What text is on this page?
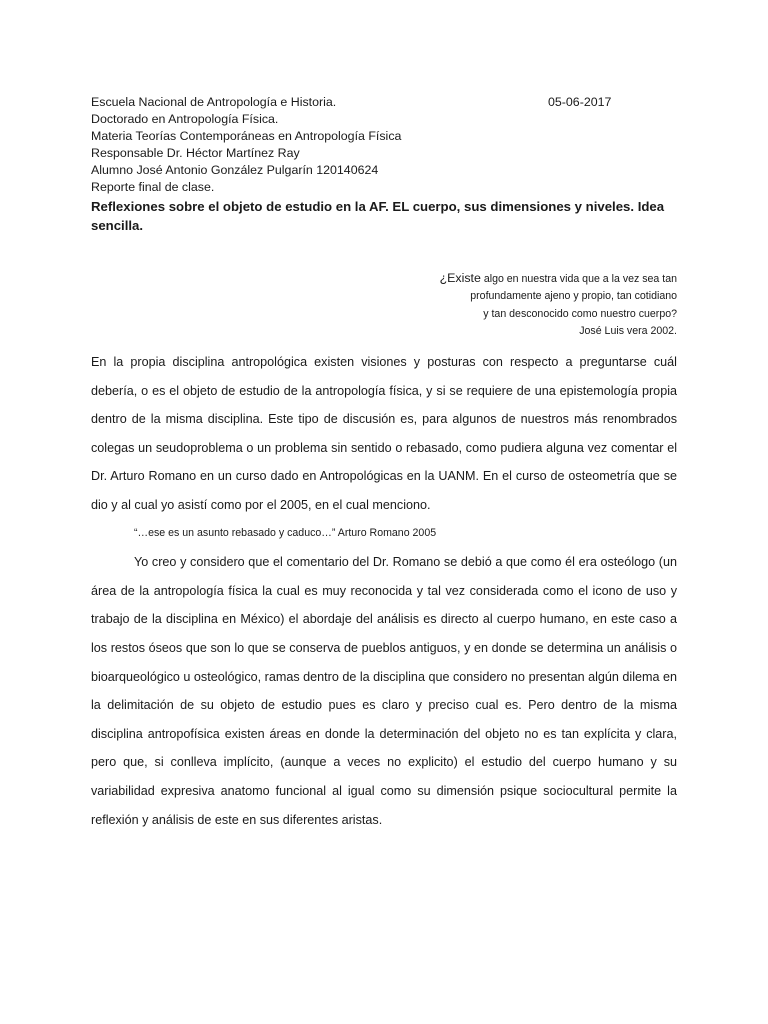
Escuela Nacional de Antropología e Historia.
Doctorado en Antropología Física.
Materia Teorías Contemporáneas en Antropología Física
Responsable Dr. Héctor Martínez Ray
Alumno José Antonio González Pulgarín 120140624
Reporte final de clase.
05-06-2017
Reflexiones sobre el objeto de estudio en la AF. EL cuerpo, sus dimensiones y niveles. Idea sencilla.
¿Existe algo en nuestra vida que a la vez sea tan
profundamente ajeno y propio, tan cotidiano
y tan desconocido como nuestro cuerpo?
José Luis vera 2002.

En la propia disciplina antropológica existen visiones y posturas con respecto a preguntarse cuál debería, o es el objeto de estudio de la antropología física, y si se requiere de una epistemología propia dentro de la misma disciplina. Este tipo de discusión es, para algunos de nuestros más renombrados colegas un seudoproblema o un problema sin sentido o rebasado, como pudiera alguna vez comentar el Dr. Arturo Romano en un curso dado en Antropológicas en la UANM. En el curso de osteometría que se dio y al cual yo asistí como por el 2005, en el cual menciono.

“…ese es un asunto rebasado y caduco…” Arturo Romano 2005

Yo creo y considero que el comentario del Dr. Romano se debió a que como él era osteólogo (un área de la antropología física la cual es muy reconocida y tal vez considerada como el icono de uso y trabajo de la disciplina en México) el abordaje del análisis es directo al cuerpo humano, en este caso a los restos óseos que son lo que se conserva de pueblos antiguos, y en donde se determina un análisis o bioarqueológico u osteológico, ramas dentro de la disciplina que considero no presentan algún dilema en la delimitación de su objeto de estudio pues es claro y preciso cual es. Pero dentro de la misma disciplina antropofísica existen áreas en donde la determinación del objeto no es tan explícita y clara, pero que, si conlleva implícito, (aunque a veces no explicito) el estudio del cuerpo humano y su variabilidad expresiva anatomo funcional al igual como su dimensión psique sociocultural permite la reflexión y análisis de este en sus diferentes aristas.
